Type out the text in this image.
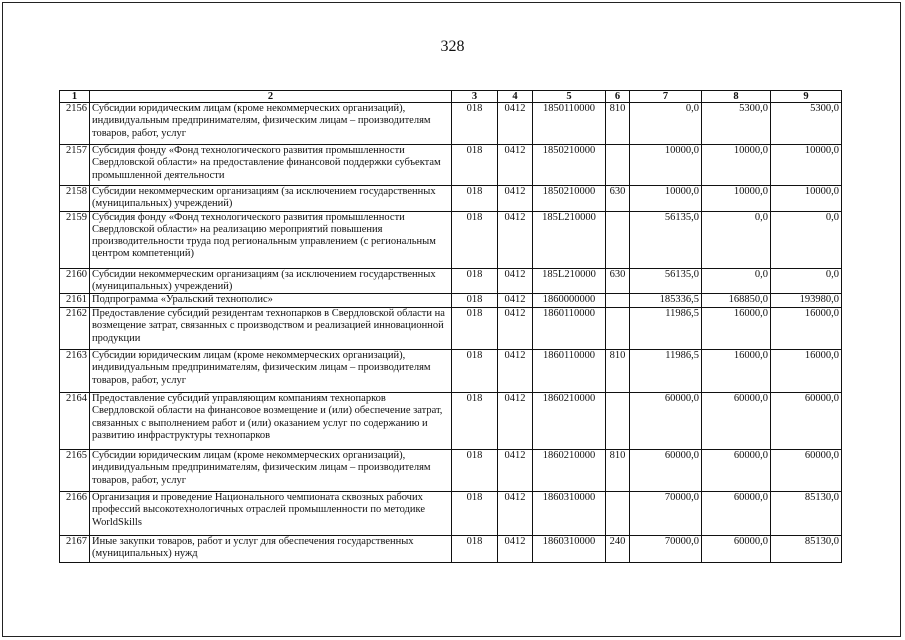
328
1	2	3	4	5	6	7	8	9
2156	Субсидии юридическим лицам (кроме некоммерческих организаций), индивидуальным предпринимателям, физическим лицам – производителям товаров, работ, услуг	018	0412	1850110000	810	0,0	5300,0	5300,0
2157	Субсидия фонду «Фонд технологического развития промышленности Свердловской области» на предоставление финансовой поддержки субъектам промышленной деятельности	018	0412	1850210000		10000,0	10000,0	10000,0
2158	Субсидии некоммерческим организациям (за исключением государственных (муниципальных) учреждений)	018	0412	1850210000	630	10000,0	10000,0	10000,0
2159	Субсидия фонду «Фонд технологического развития промышленности Свердловской области» на реализацию мероприятий повышения производительности труда под региональным управлением (с региональным центром компетенций)	018	0412	185L210000		56135,0	0,0	0,0
2160	Субсидии некоммерческим организациям (за исключением государственных (муниципальных) учреждений)	018	0412	185L210000	630	56135,0	0,0	0,0
2161	Подпрограмма «Уральский технополис»	018	0412	1860000000		185336,5	168850,0	193980,0
2162	Предоставление субсидий резидентам технопарков в Свердловской области на возмещение затрат, связанных с производством и реализацией инновационной продукции	018	0412	1860110000		11986,5	16000,0	16000,0
2163	Субсидии юридическим лицам (кроме некоммерческих организаций), индивидуальным предпринимателям, физическим лицам – производителям товаров, работ, услуг	018	0412	1860110000	810	11986,5	16000,0	16000,0
2164	Предоставление субсидий управляющим компаниям технопарков Свердловской области на финансовое возмещение и (или) обеспечение затрат, связанных с выполнением работ и (или) оказанием услуг по содержанию и развитию инфраструктуры технопарков	018	0412	1860210000		60000,0	60000,0	60000,0
2165	Субсидии юридическим лицам (кроме некоммерческих организаций), индивидуальным предпринимателям, физическим лицам – производителям товаров, работ, услуг	018	0412	1860210000	810	60000,0	60000,0	60000,0
2166	Организация и проведение Национального чемпионата сквозных рабочих профессий высокотехнологичных отраслей промышленности по методике WorldSkills	018	0412	1860310000		70000,0	60000,0	85130,0
2167	Иные закупки товаров, работ и услуг для обеспечения государственных (муниципальных) нужд	018	0412	1860310000	240	70000,0	60000,0	85130,0
